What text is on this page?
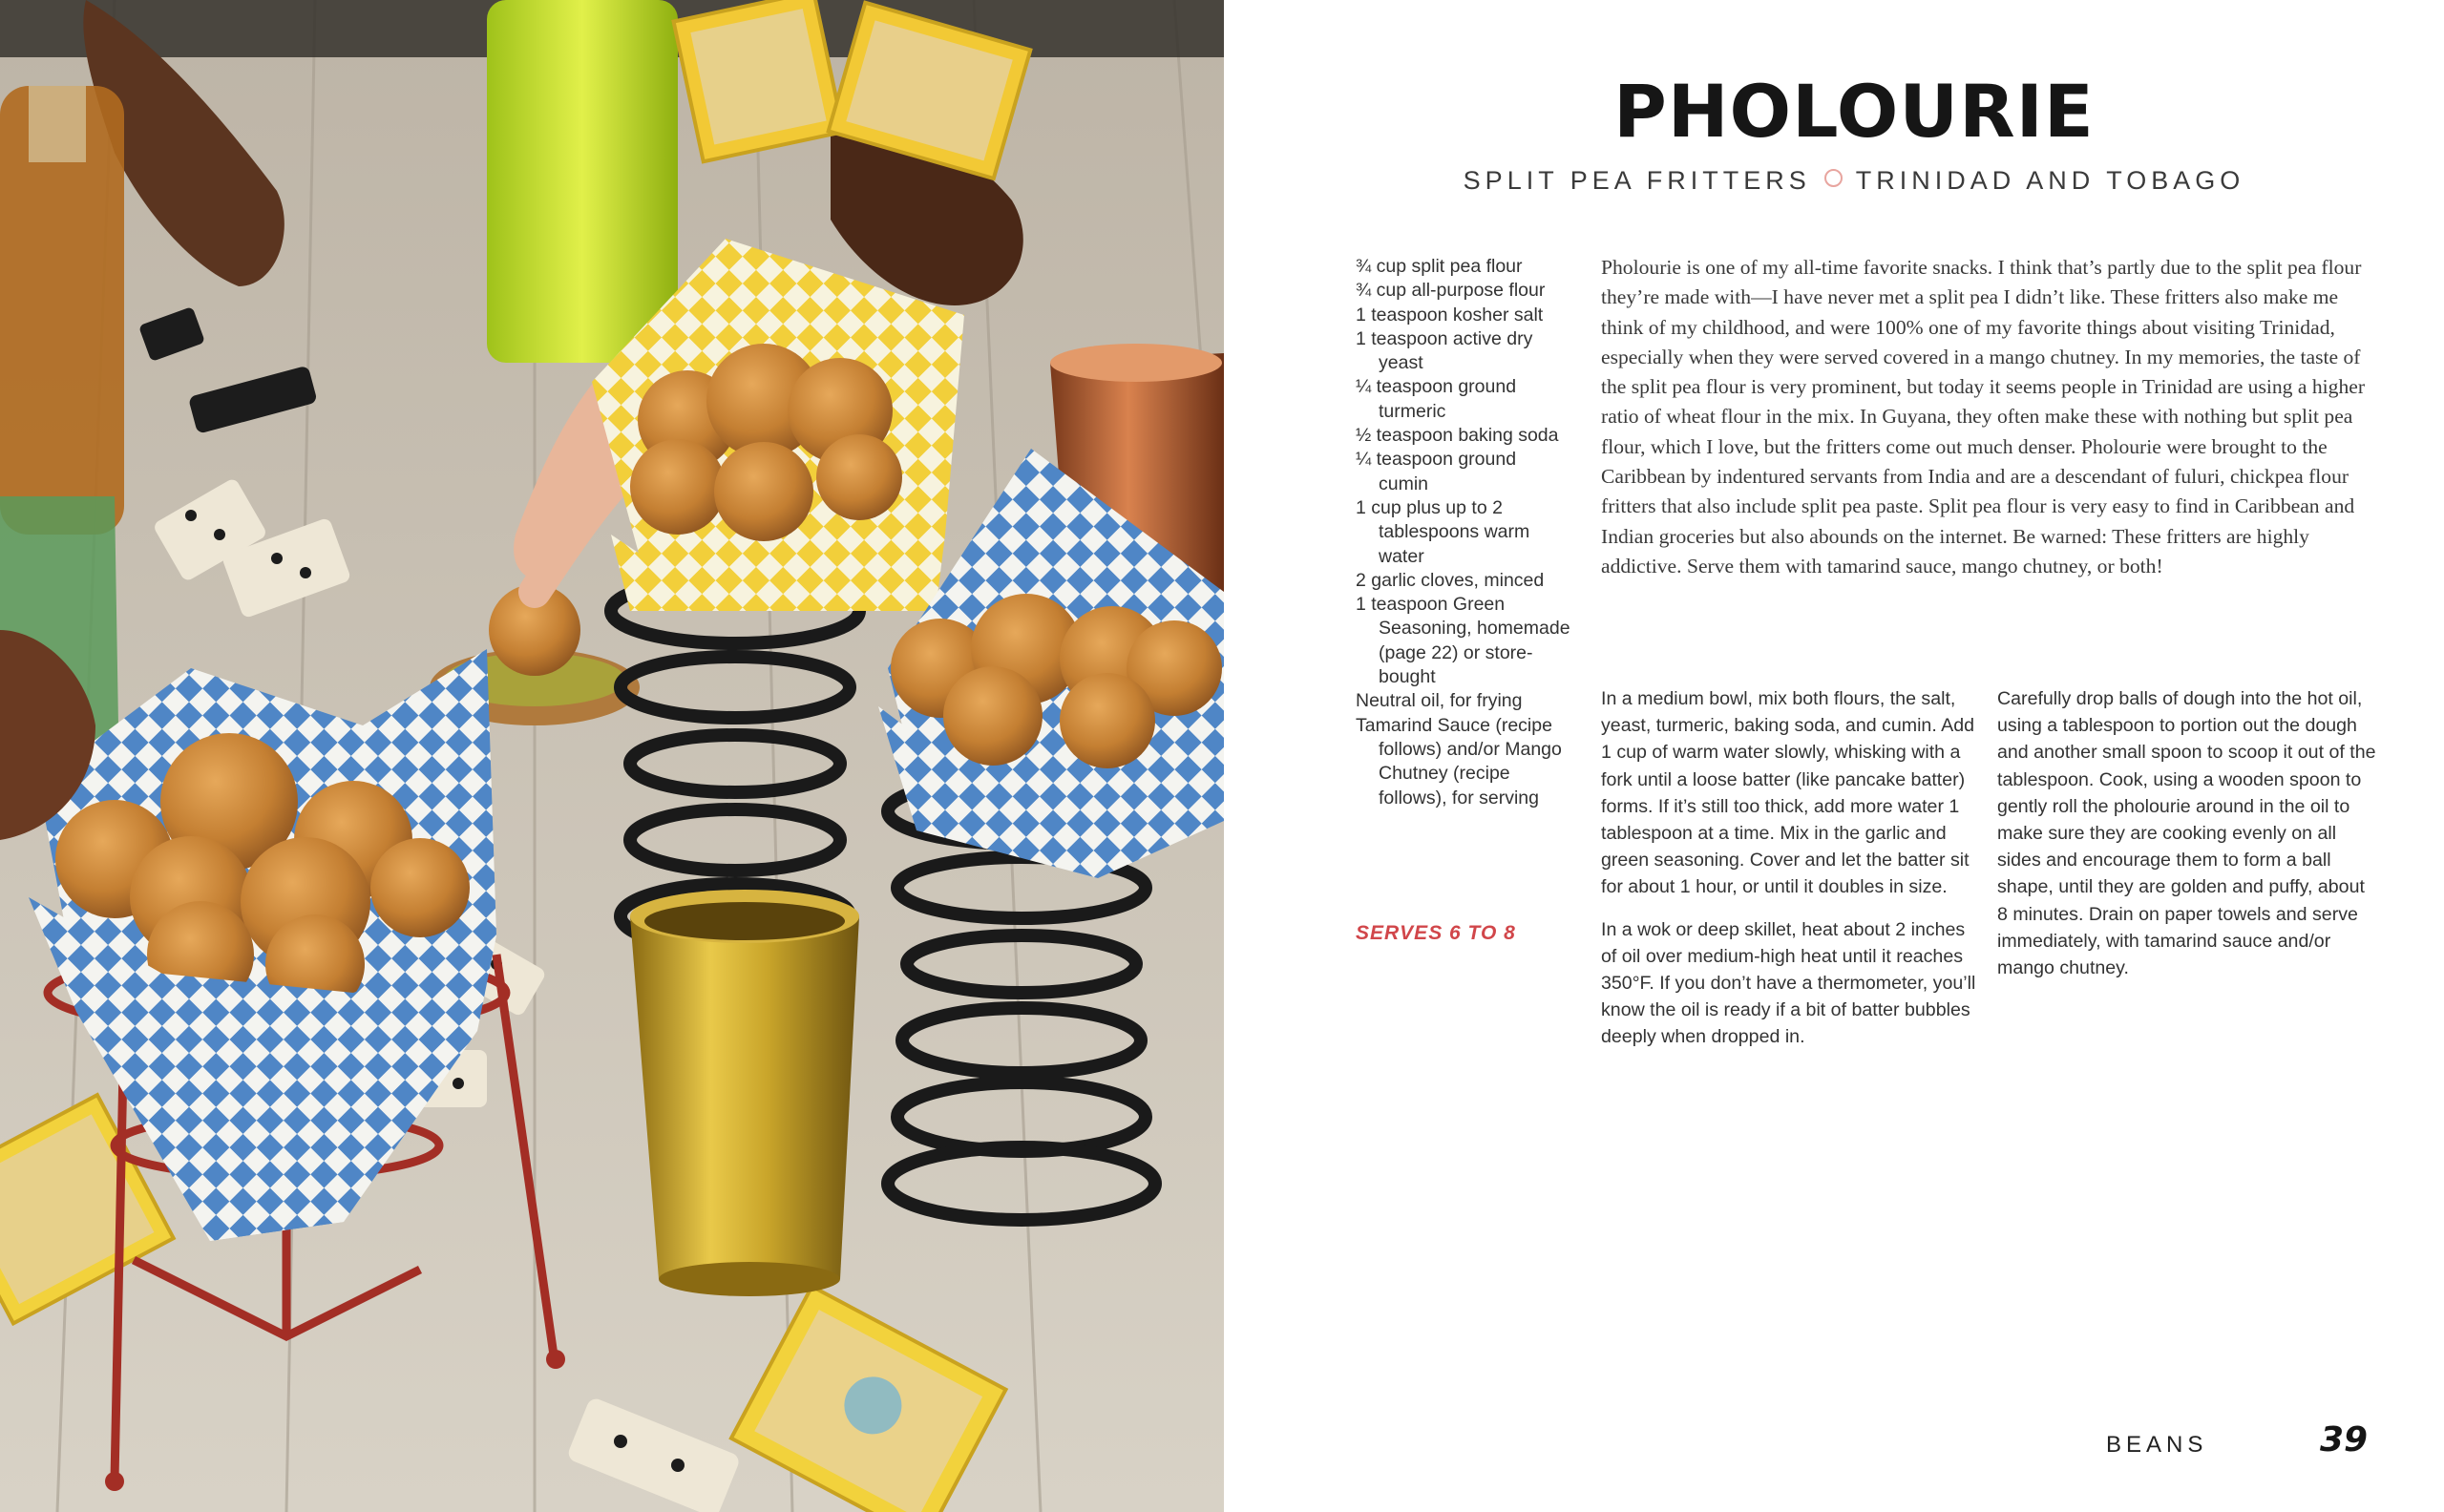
PHOLOURIE
SPLIT PEA FRITTERS TRINIDAD AND TOBAGO
¾ cup split pea flour
¾ cup all-purpose flour
1 teaspoon kosher salt
1 teaspoon active dry yeast
¼ teaspoon ground turmeric
½ teaspoon baking soda
¼ teaspoon ground cumin
1 cup plus up to 2 tablespoons warm water
2 garlic cloves, minced
1 teaspoon Green Seasoning, homemade (page 22) or store-bought
Neutral oil, for frying
Tamarind Sauce (recipe follows) and/or Mango Chutney (recipe follows), for serving
SERVES 6 TO 8

Pholourie is one of my all-time favorite snacks. I think that’s partly due to the split pea flour they’re made with—I have never met a split pea I didn’t like. These fritters also make me think of my childhood, and were 100% one of my favorite things about visiting Trinidad, especially when they were served covered in a mango chutney. In my memories, the taste of the split pea flour is very prominent, but today it seems people in Trinidad are using a higher ratio of wheat flour in the mix. In Guyana, they often make these with nothing but split pea flour, which I love, but the fritters come out much denser. Pholourie were brought to the Caribbean by indentured servants from India and are a descendant of fuluri, chickpea flour fritters that also include split pea paste. Split pea flour is very easy to find in Caribbean and Indian groceries but also abounds on the internet. Be warned: These fritters are highly addictive. Serve them with tamarind sauce, mango chutney, or both!

In a medium bowl, mix both flours, the salt, yeast, turmeric, baking soda, and cumin. Add 1 cup of warm water slowly, whisking with a fork until a loose batter (like pancake batter) forms. If it’s still too thick, add more water 1 tablespoon at a time. Mix in the garlic and green seasoning. Cover and let the batter sit for about 1 hour, or until it doubles in size.

In a wok or deep skillet, heat about 2 inches of oil over medium-high heat until it reaches 350°F. If you don’t have a thermometer, you’ll know the oil is ready if a bit of batter bubbles deeply when dropped in.

Carefully drop balls of dough into the hot oil, using a tablespoon to portion out the dough and another small spoon to scoop it out of the tablespoon. Cook, using a wooden spoon to gently roll the pholourie around in the oil to make sure they are cooking evenly on all sides and encourage them to form a ball shape, until they are golden and puffy, about 8 minutes. Drain on paper towels and serve immediately, with tamarind sauce and/or mango chutney.

BEANS	39
